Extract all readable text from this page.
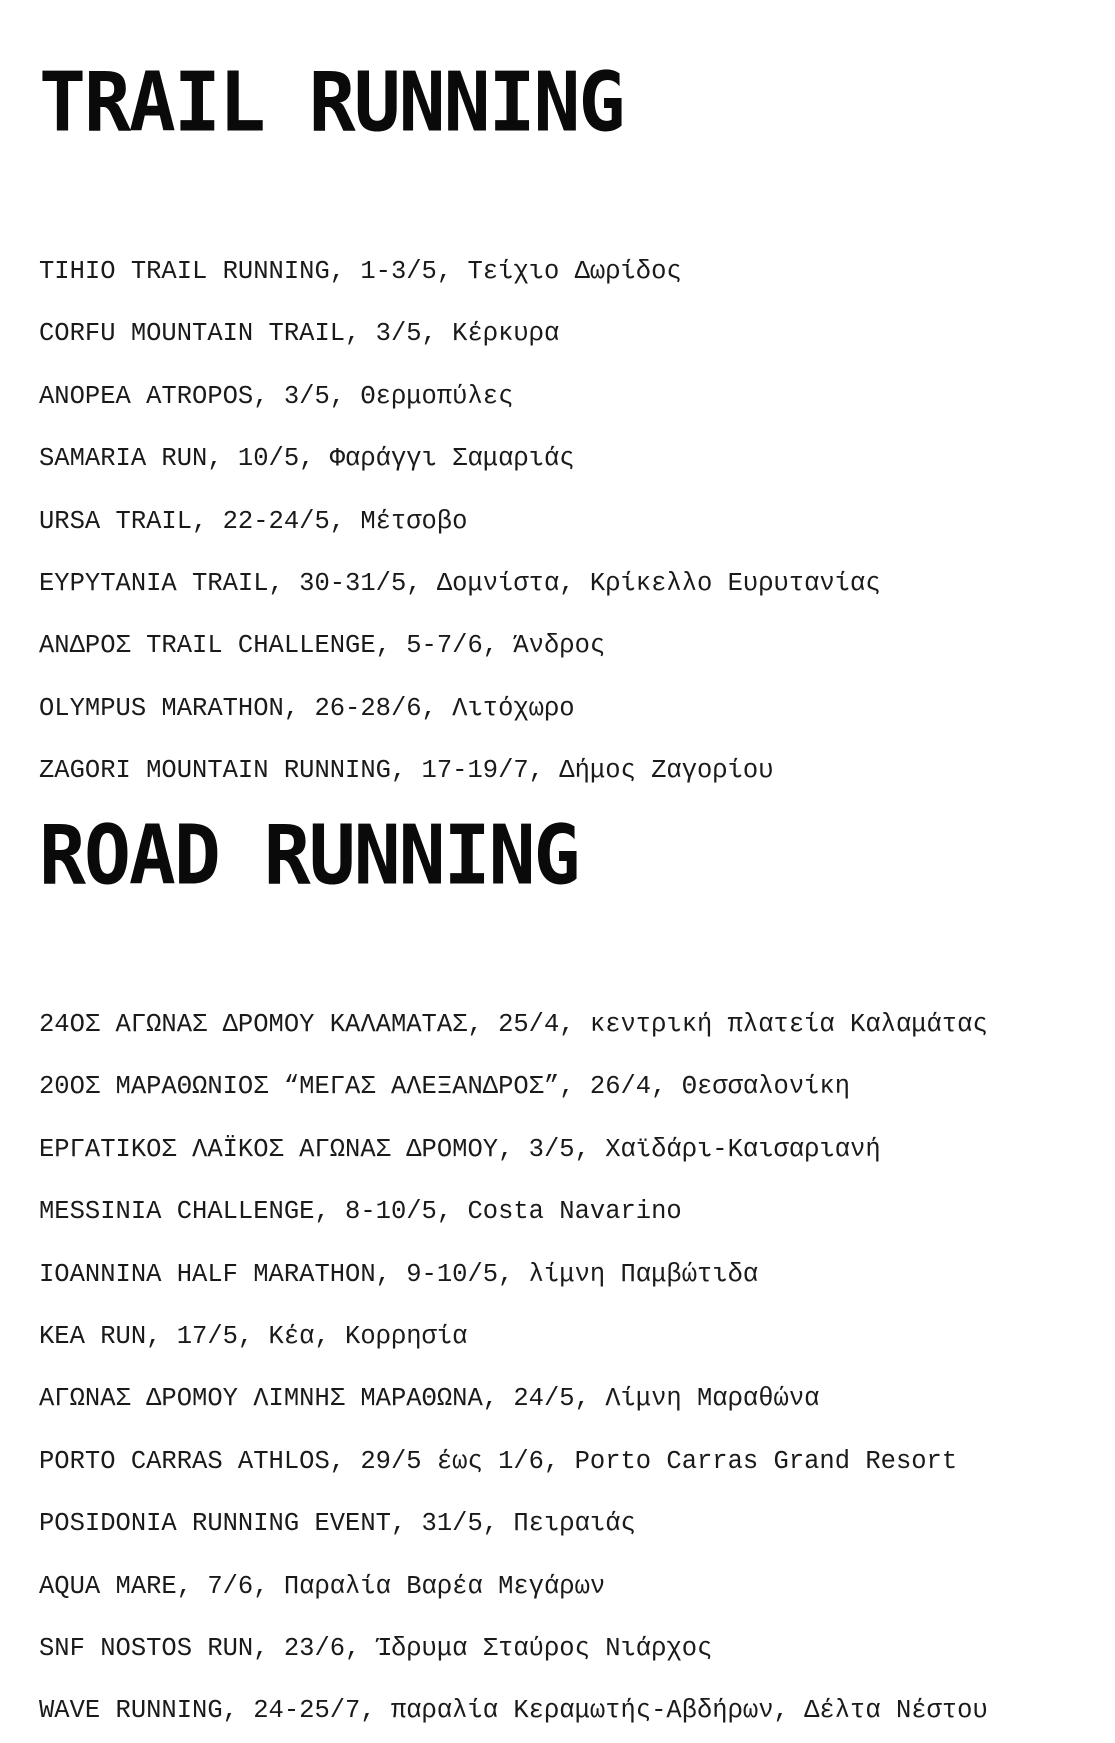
TRAIL RUNNING
TIHIO TRAIL RUNNING, 1-3/5, Τείχιο Δωρίδος
CORFU MOUNTAIN TRAIL, 3/5, Κέρκυρα
ANOPEA ATROPOS, 3/5, Θερμοπύλες
SAMARIA RUN, 10/5, Φαράγγι Σαμαριάς
URSA TRAIL, 22-24/5, Μέτσοβο
ΕΥΡΥΤΑΝΙΑ TRAIL, 30-31/5, Δομνίστα, Κρίκελλο Ευρυτανίας
ΑΝΔΡΟΣ TRAIL CHALLENGE, 5-7/6, Άνδρος
OLYMPUS MARATHON, 26-28/6, Λιτόχωρο
ZAGORI MOUNTAIN RUNNING, 17-19/7, Δήμος Ζαγορίου
ROAD RUNNING
24ΟΣ ΑΓΩΝΑΣ ΔΡΟΜΟΥ ΚΑΛΑΜΑΤΑΣ, 25/4, κεντρική πλατεία Καλαμάτας
20ΟΣ ΜΑΡΑΘΩΝΙΟΣ “ΜΕΓΑΣ ΑΛΕΞΑΝΔΡΟΣ”, 26/4, Θεσσαλονίκη
ΕΡΓΑΤΙΚΟΣ ΛΑΪΚΟΣ ΑΓΩΝΑΣ ΔΡΟΜΟΥ, 3/5, Χαϊδάρι-Καισαριανή
MESSINIA CHALLENGE, 8-10/5, Costa Navarino
IOANNINA HALF MARATHON, 9-10/5, λίμνη Παμβώτιδα
KEA RUN, 17/5, Κέα, Κορρησία
ΑΓΩΝΑΣ ΔΡΟΜΟΥ ΛΙΜΝΗΣ ΜΑΡΑΘΩΝΑ, 24/5, Λίμνη Μαραθώνα
PORTO CARRAS ATHLOS, 29/5 έως 1/6, Porto Carras Grand Resort
POSIDONIA RUNNING EVENT, 31/5, Πειραιάς
AQUA MARE, 7/6, Παραλία Βαρέα Μεγάρων
SNF NOSTOS RUN, 23/6, Ίδρυμα Σταύρος Νιάρχος
WAVE RUNNING, 24-25/7, παραλία Κεραμωτής-Αβδήρων, Δέλτα Νέστου
